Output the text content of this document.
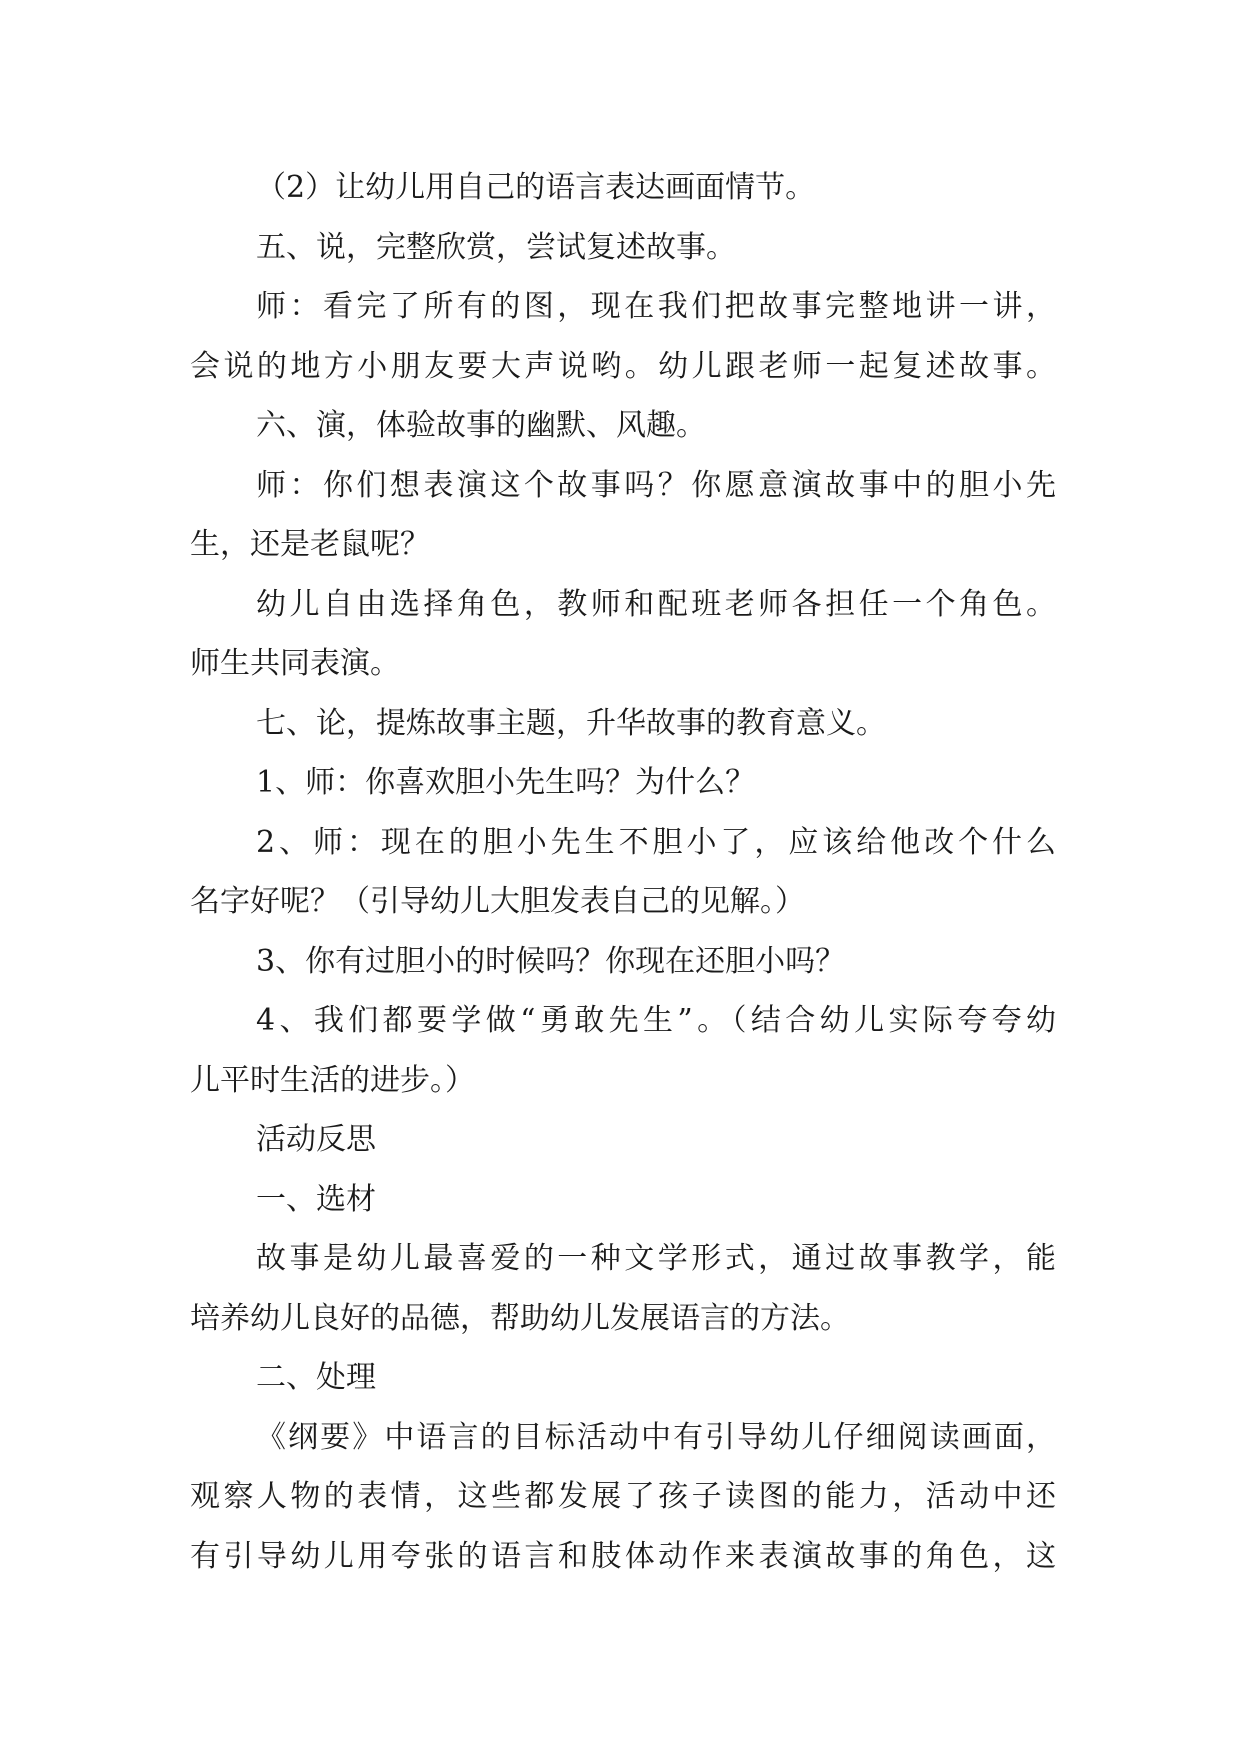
（2）让幼儿用自己的语言表达画面情节。

五、说，完整欣赏，尝试复述故事。

师：看完了所有的图，现在我们把故事完整地讲一讲，

会说的地方小朋友要大声说哟。幼儿跟老师一起复述故事。

六、演，体验故事的幽默、风趣。

师：你们想表演这个故事吗？你愿意演故事中的胆小先

生，还是老鼠呢？

幼儿自由选择角色，教师和配班老师各担任一个角色。

师生共同表演。

七、论，提炼故事主题，升华故事的教育意义。

1、师：你喜欢胆小先生吗？为什么？

2、师：现在的胆小先生不胆小了，应该给他改个什么

名字好呢？（引导幼儿大胆发表自己的见解。）

3、你有过胆小的时候吗？你现在还胆小吗？

4、我们都要学做“勇敢先生”。（结合幼儿实际夸夸幼

儿平时生活的进步。）

活动反思

一、选材

故事是幼儿最喜爱的一种文学形式，通过故事教学，能

培养幼儿良好的品德，帮助幼儿发展语言的方法。

二、处理

《纲要》中语言的目标活动中有引导幼儿仔细阅读画面，

观察人物的表情，这些都发展了孩子读图的能力，活动中还

有引导幼儿用夸张的语言和肢体动作来表演故事的角色，这
